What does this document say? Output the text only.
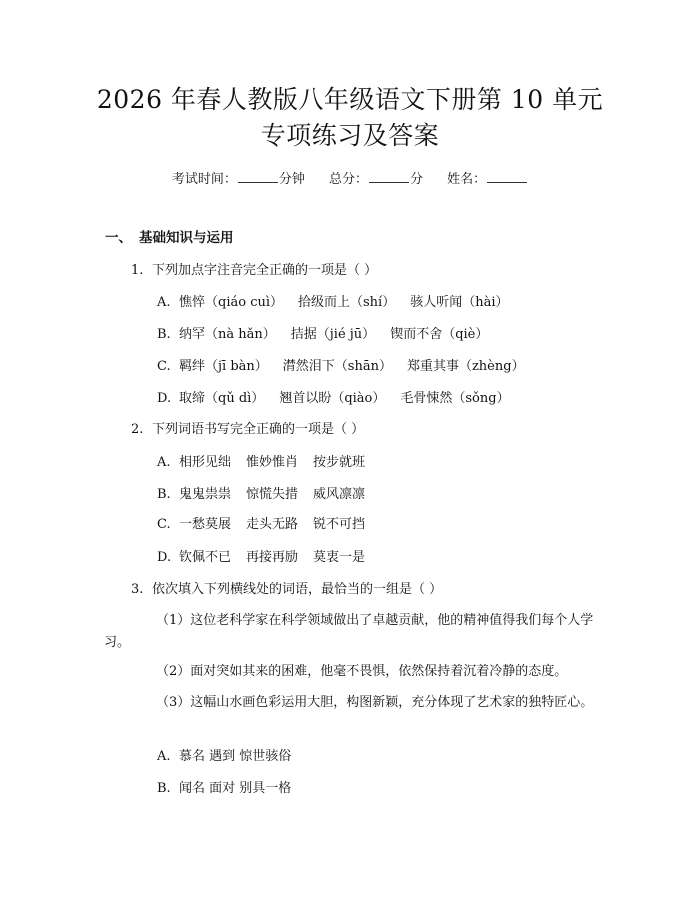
2026 年春人教版八年级语文下册第 10 单元
专项练习及答案
考试时间：	分钟 总分：	分 姓名：
一、 基础知识与运用
1. 下列加点字注音完全正确的一项是（ ）
A. 憔悴（qiáo cuì） 拾级而上（shí） 骇人听闻（hài）
B. 纳罕（nà hǎn） 拮据（jié jū） 锲而不舍（qiè）
C. 羁绊（jī bàn） 潸然泪下（shān） 郑重其事（zhèng）
D. 取缔（qǔ dì） 翘首以盼（qiào） 毛骨悚然（sǒng）
2. 下列词语书写完全正确的一项是（ ）
A. 相形见绌 惟妙惟肖 按步就班
B. 鬼鬼祟祟 惊慌失措 威风凛凛
C. 一愁莫展 走头无路 锐不可挡
D. 钦佩不已 再接再励 莫衷一是
3. 依次填入下列横线处的词语，最恰当的一组是（ ）
（1）这位老科学家在科学领域做出了卓越贡献，他的精神值得我们每个人学习。
（2）面对突如其来的困难，他毫不畏惧，依然保持着沉着冷静的态度。
（3）这幅山水画色彩运用大胆，构图新颖，充分体现了艺术家的独特匠心。
A. 慕名 遇到 惊世骇俗
B. 闻名 面对 别具一格
